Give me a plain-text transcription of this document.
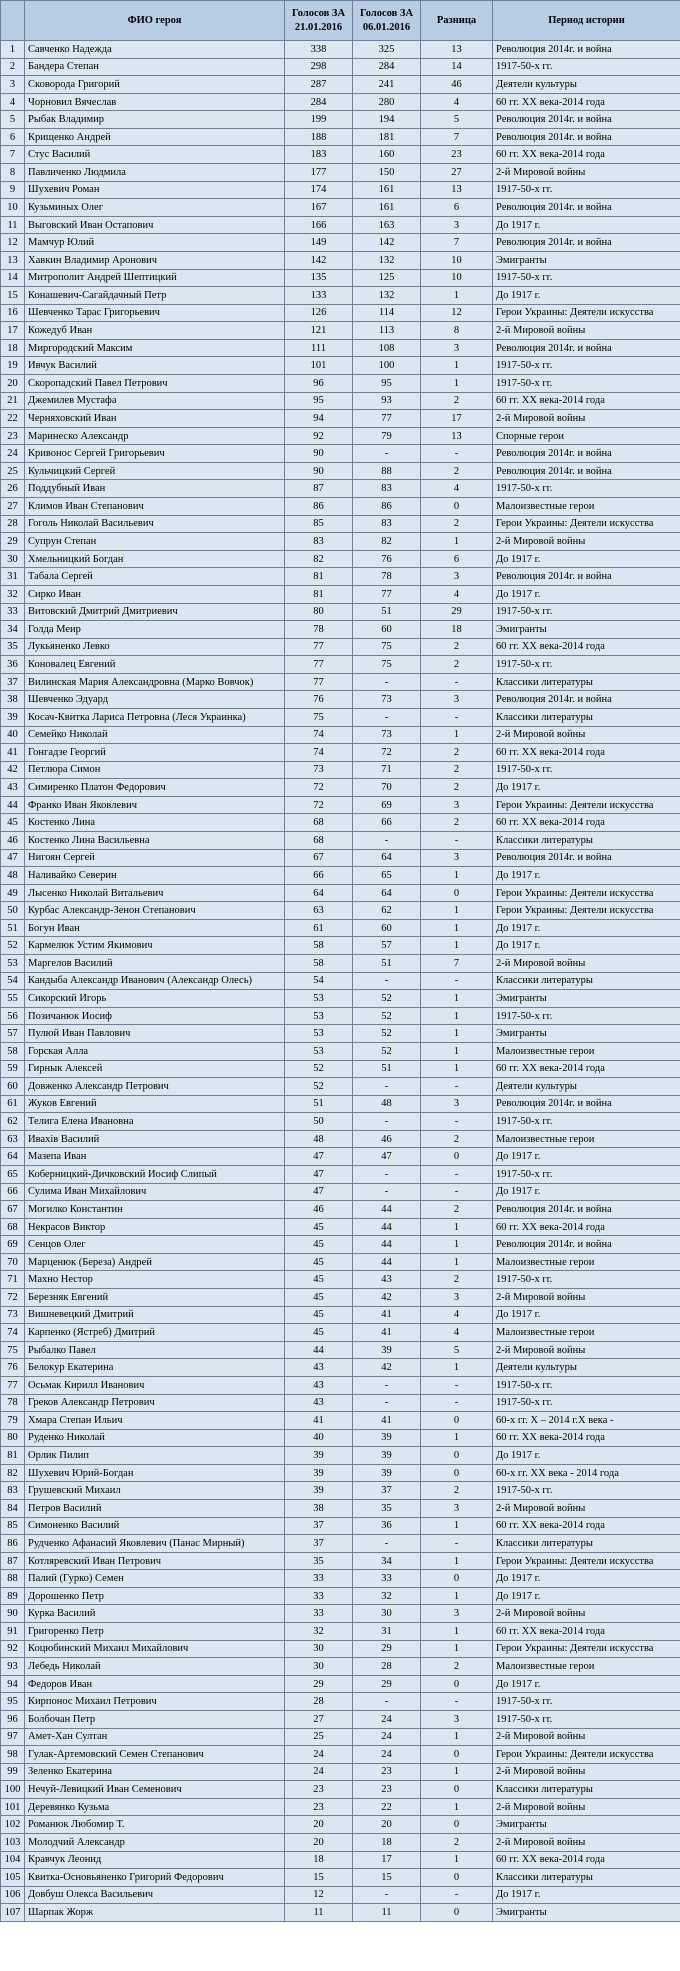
	ФИО героя	Голосов ЗА 21.01.2016	Голосов ЗА 06.01.2016	Разница	Период истории
1	Савченко Надежда	338	325	13	Революция 2014г. и война
2	Бандера Степан	298	284	14	1917-50-х гг.
3	Сковорода Григорий	287	241	46	Деятели культуры
4	Чорновил Вячеслав	284	280	4	60 гг. XX века-2014 года
5	Рыбак Владимир	199	194	5	Революция 2014г. и война
6	Крищенко Андрей	188	181	7	Революция 2014г. и война
7	Стус Василий	183	160	23	60 гг. XX века-2014 года
8	Павличенко Людмила	177	150	27	2-й Мировой войны
9	Шухевич Роман	174	161	13	1917-50-х гг.
10	Кузьминых Олег	167	161	6	Революция 2014г. и война
11	Выговский Иван Остапович	166	163	3	До 1917 г.
12	Мамчур Юлий	149	142	7	Революция 2014г. и война
13	Хавкин Владимир Аронович	142	132	10	Эмигранты
14	Митрополит Андрей Шептицкий	135	125	10	1917-50-х гг.
15	Конашевич-Сагайдачный Петр	133	132	1	До 1917 г.
16	Шевченко Тарас Григорьевич	126	114	12	Герои Украины: Деятели искусства
17	Кожедуб Иван	121	113	8	2-й Мировой войны
18	Миргородский Максим	111	108	3	Революция 2014г. и война
19	Ивчук Василий	101	100	1	1917-50-х гг.
20	Скоропадский Павел Петрович	96	95	1	1917-50-х гг.
21	Джемилев Мустафа	95	93	2	60 гг. XX века-2014 года
22	Черняховский Иван	94	77	17	2-й Мировой войны
23	Маринеско Александр	92	79	13	Спорные герои
24	Кривонос Сергей Григорьевич	90	-	-	Революция 2014г. и война
25	Кульчицкий Сергей	90	88	2	Революция 2014г. и война
26	Поддубный Иван	87	83	4	1917-50-х гг.
27	Климов Иван Степанович	86	86	0	Малоизвестные герои
28	Гоголь Николай Васильевич	85	83	2	Герои Украины: Деятели искусства
29	Супрун Степан	83	82	1	2-й Мировой войны
30	Хмельницкий Богдан	82	76	6	До 1917 г.
31	Табала Сергей	81	78	3	Революция 2014г. и война
32	Сирко Иван	81	77	4	До 1917 г.
33	Витовский Дмитрий Дмитриевич	80	51	29	1917-50-х гг.
34	Голда Меир	78	60	18	Эмигранты
35	Лукьяненко Левко	77	75	2	60 гг. XX века-2014 года
36	Коновалец Евгений	77	75	2	1917-50-х гг.
37	Вилинская Мария Александровна (Марко Вовчок)	77	-	-	Классики литературы
38	Шевченко Эдуард	76	73	3	Революция 2014г. и война
39	Косач-Квитка Лариса Петровна (Леся Украинка)	75	-	-	Классики литературы
40	Семейко Николай	74	73	1	2-й Мировой войны
41	Гонгадзе Георгий	74	72	2	60 гг. XX века-2014 года
42	Петлюра Симон	73	71	2	1917-50-х гг.
43	Симиренко Платон Федорович	72	70	2	До 1917 г.
44	Франко Иван Яковлевич	72	69	3	Герои Украины: Деятели искусства
45	Костенко Лина	68	66	2	60 гг. XX века-2014 года
46	Костенко Лина Васильевна	68	-	-	Классики литературы
47	Нигоян Сергей	67	64	3	Революция 2014г. и война
48	Наливайко Северин	66	65	1	До 1917 г.
49	Лысенко Николай Витальевич	64	64	0	Герои Украины: Деятели искусства
50	Курбас Александр-Зенон Степанович	63	62	1	Герои Украины: Деятели искусства
51	Богун Иван	61	60	1	До 1917 г.
52	Кармелюк Устим Якимович	58	57	1	До 1917 г.
53	Маргелов Василий	58	51	7	2-й Мировой войны
54	Кандыба Александр Иванович (Александр Олесь)	54	-	-	Классики литературы
55	Сикорский Игорь	53	52	1	Эмигранты
56	Позичанюк Иосиф	53	52	1	1917-50-х гг.
57	Пулюй Иван Павлович	53	52	1	Эмигранты
58	Горская Алла	53	52	1	Малоизвестные герои
59	Гирнык Алексей	52	51	1	60 гг. XX века-2014 года
60	Довженко Александр Петрович	52	-	-	Деятели культуры
61	Жуков Евгений	51	48	3	Революция 2014г. и война
62	Телига Елена Ивановна	50	-	-	1917-50-х гг.
63	Ивахів Василий	48	46	2	Малоизвестные герои
64	Мазепа Иван	47	47	0	До 1917 г.
65	Коберницкий-Дичковский Иосиф Слипый	47	-	-	1917-50-х гг.
66	Сулима Иван Михайлович	47	-	-	До 1917 г.
67	Могилко Константин	46	44	2	Революция 2014г. и война
68	Некрасов Виктор	45	44	1	60 гг. XX века-2014 года
69	Сенцов Олег	45	44	1	Революция 2014г. и война
70	Марценюк (Береза) Андрей	45	44	1	Малоизвестные герои
71	Махно Нестор	45	43	2	1917-50-х гг.
72	Березняк Евгений	45	42	3	2-й Мировой войны
73	Вишневецкий Дмитрий	45	41	4	До 1917 г.
74	Карпенко (Ястреб) Дмитрий	45	41	4	Малоизвестные герои
75	Рыбалко Павел	44	39	5	2-й Мировой войны
76	Белокур Екатерина	43	42	1	Деятели культуры
77	Осьмак Кирилл Иванович	43	-	-	1917-50-х гг.
78	Греков Александр Петрович	43	-	-	1917-50-х гг.
79	Хмара Степан Ильич	41	41	0	60-х гг. Х – 2014 г.Х века -
80	Руденко Николай	40	39	1	60 гг. XX века-2014 года
81	Орлик Пилип	39	39	0	До 1917 г.
82	Шухевич Юрий-Богдан	39	39	0	60-х гг. ХХ века - 2014 года
83	Грушевский Михаил	39	37	2	1917-50-х гг.
84	Петров Василий	38	35	3	2-й Мировой войны
85	Симоненко Василий	37	36	1	60 гг. XX века-2014 года
86	Рудченко Афанасий Яковлевич (Панас Мирный)	37	-	-	Классики литературы
87	Котляревский Иван Петрович	35	34	1	Герои Украины: Деятели искусства
88	Палий (Гурко) Семен	33	33	0	До 1917 г.
89	Дорошенко Петр	33	32	1	До 1917 г.
90	Курка Василий	33	30	3	2-й Мировой войны
91	Григоренко Петр	32	31	1	60 гг. XX века-2014 года
92	Коцюбинский Михаил Михайлович	30	29	1	Герои Украины: Деятели искусства
93	Лебедь Николай	30	28	2	Малоизвестные герои
94	Федоров Иван	29	29	0	До 1917 г.
95	Кирпонос Михаил Петрович	28	-	-	1917-50-х гг.
96	Болбочан Петр	27	24	3	1917-50-х гг.
97	Амет-Хан Султан	25	24	1	2-й Мировой войны
98	Гулак-Артемовский Семен Степанович	24	24	0	Герои Украины: Деятели искусства
99	Зеленко Екатерина	24	23	1	2-й Мировой войны
100	Нечуй-Левицкий Иван Семенович	23	23	0	Классики литературы
101	Деревянко Кузьма	23	22	1	2-й Мировой войны
102	Романюк Любомир Т.	20	20	0	Эмигранты
103	Молодчий Александр	20	18	2	2-й Мировой войны
104	Кравчук Леонид	18	17	1	60 гг. XX века-2014 года
105	Квитка-Основьяненко Григорий Федорович	15	15	0	Классики литературы
106	Довбуш Олекса Васильевич	12	-	-	До 1917 г.
107	Шарпак Жорж	11	11	0	Эмигранты
